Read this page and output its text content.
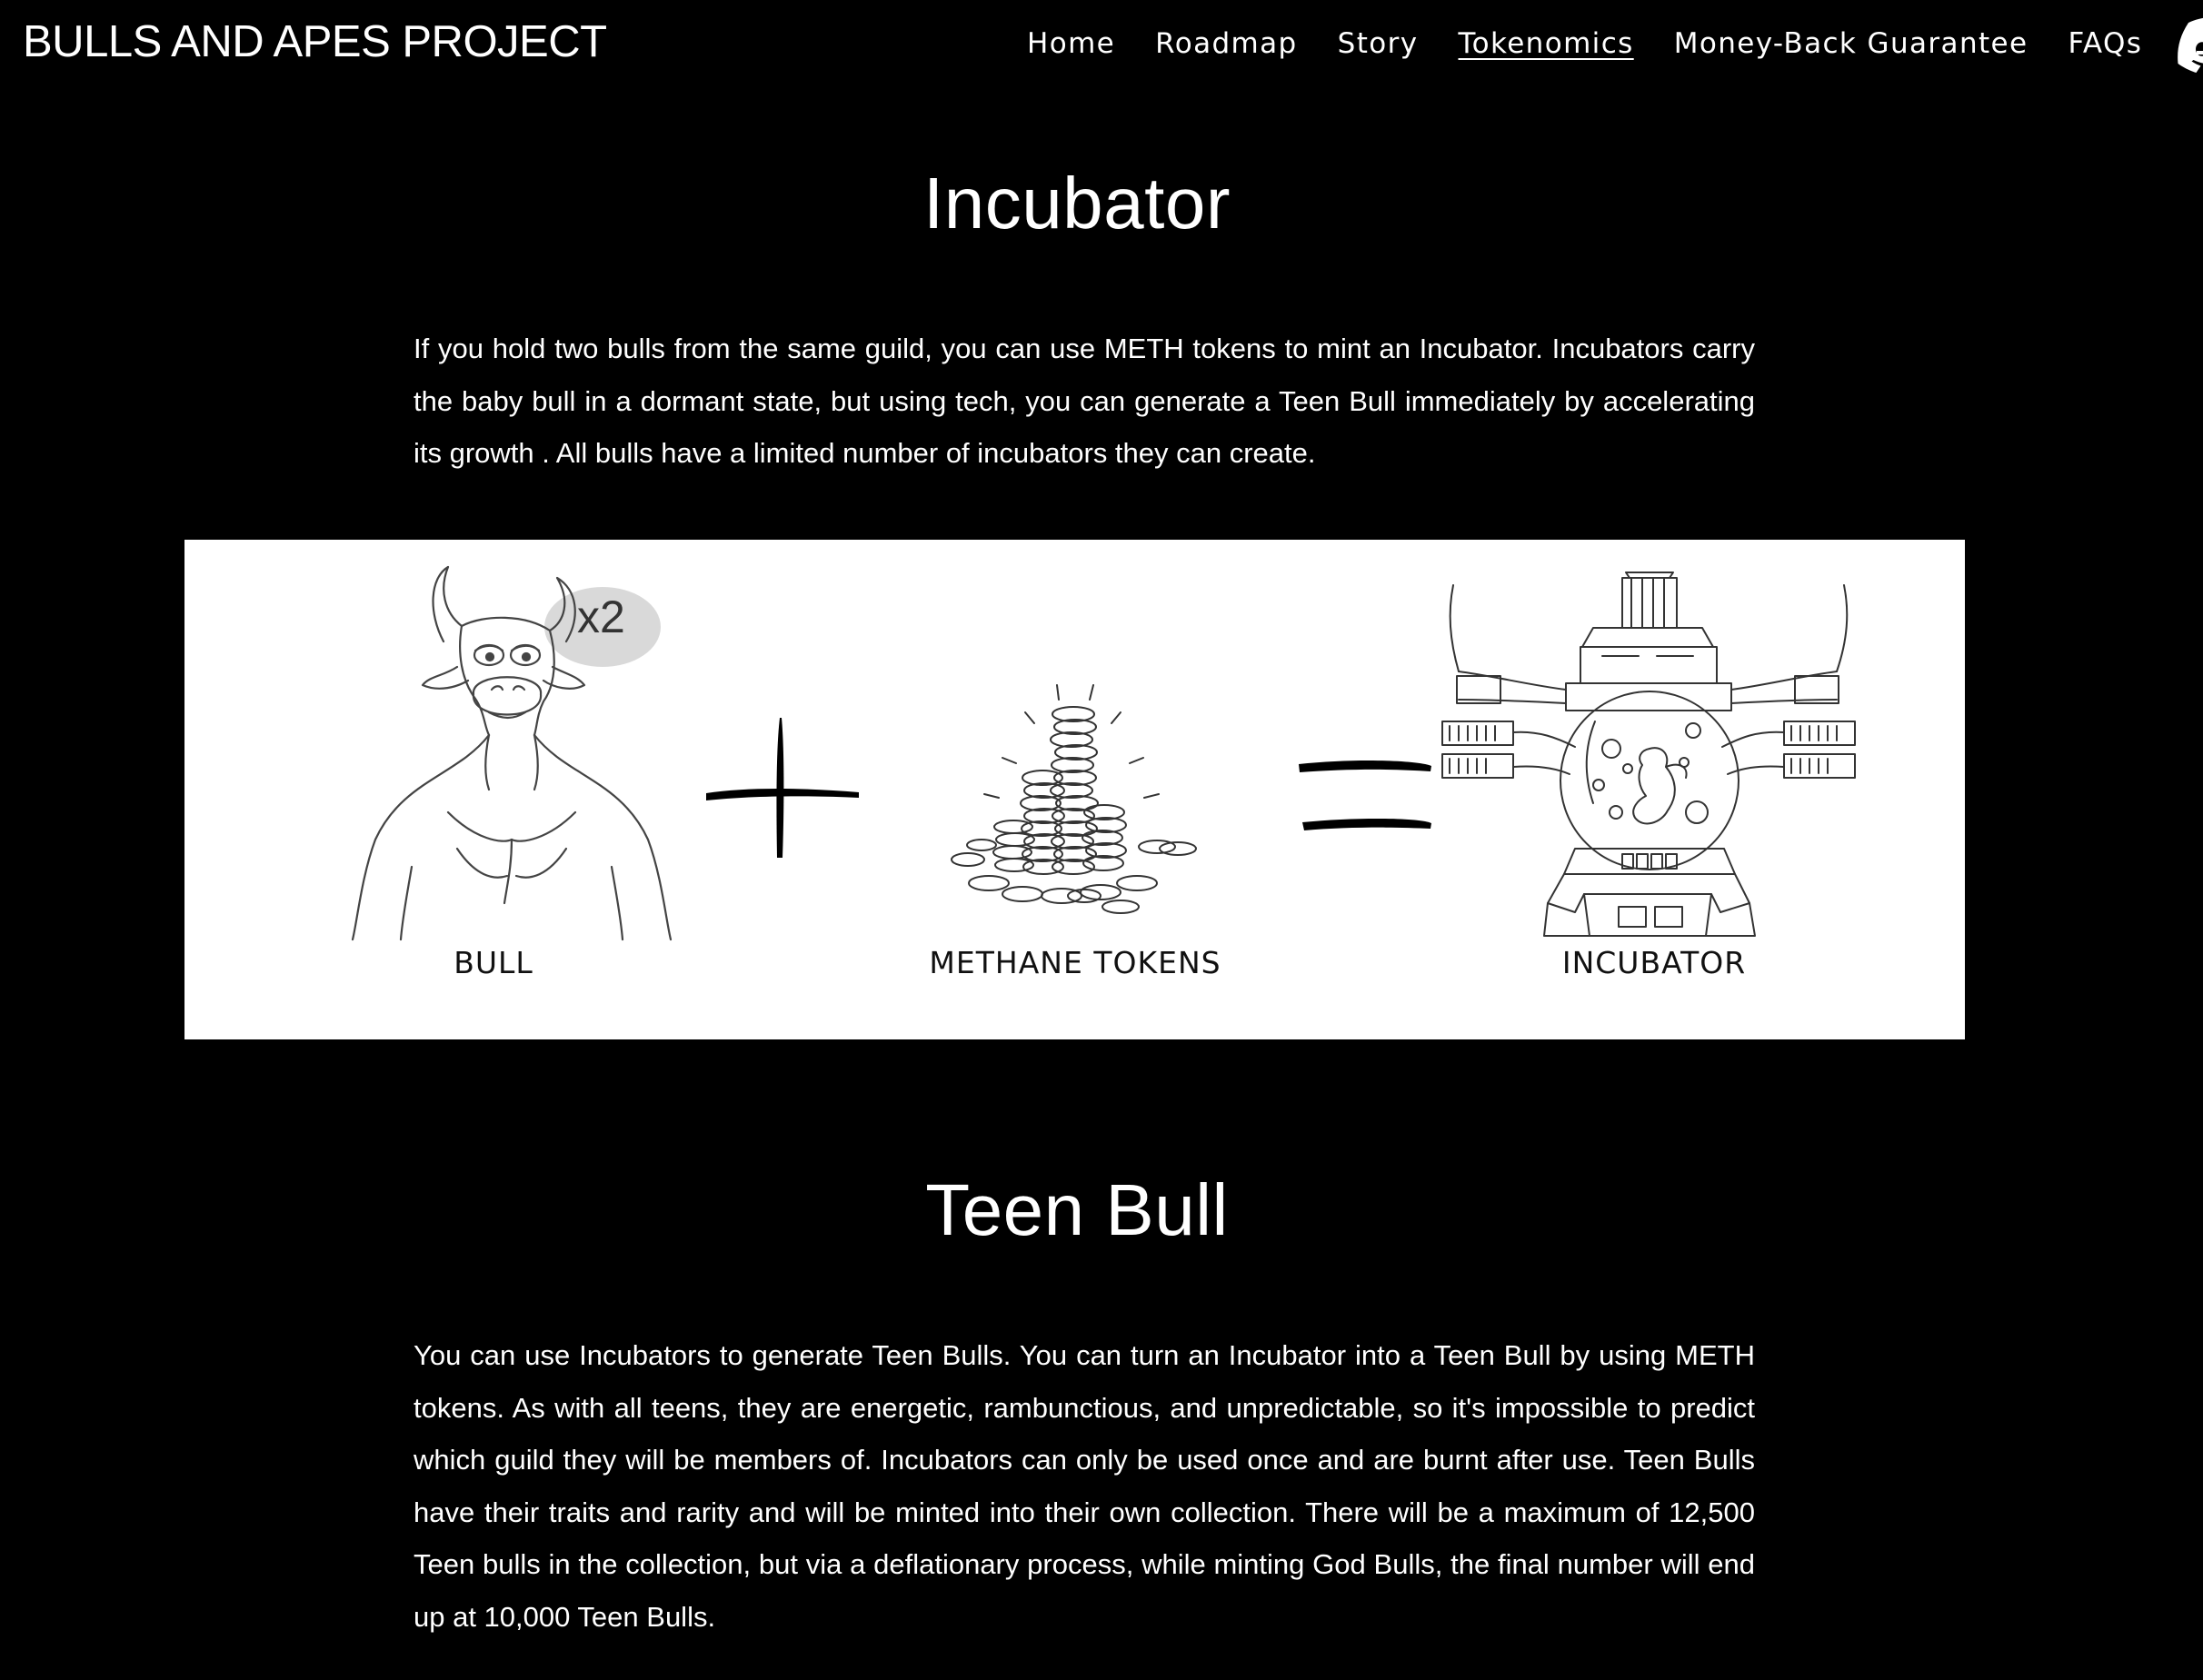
BULLS AND APES PROJECT	Home Roadmap Story Tokenomics Money-Back Guarantee FAQs
Incubator

If you hold two bulls from the same guild, you can use METH tokens to mint an Incubator. Incubators carry the baby bull in a dormant state, but using tech, you can generate a Teen Bull immediately by accelerating its growth . All bulls have a limited number of incubators they can create.

x2
BULL	METHANE TOKENS	INCUBATOR
Teen Bull

You can use Incubators to generate Teen Bulls. You can turn an Incubator into a Teen Bull by using METH tokens. As with all teens, they are energetic, rambunctious, and unpredictable, so it's impossible to predict which guild they will be members of. Incubators can only be used once and are burnt after use. Teen Bulls have their traits and rarity and will be minted into their own collection. There will be a maximum of 12,500 Teen bulls in the collection, but via a deflationary process, while minting God Bulls, the final number will end up at 10,000 Teen Bulls.
